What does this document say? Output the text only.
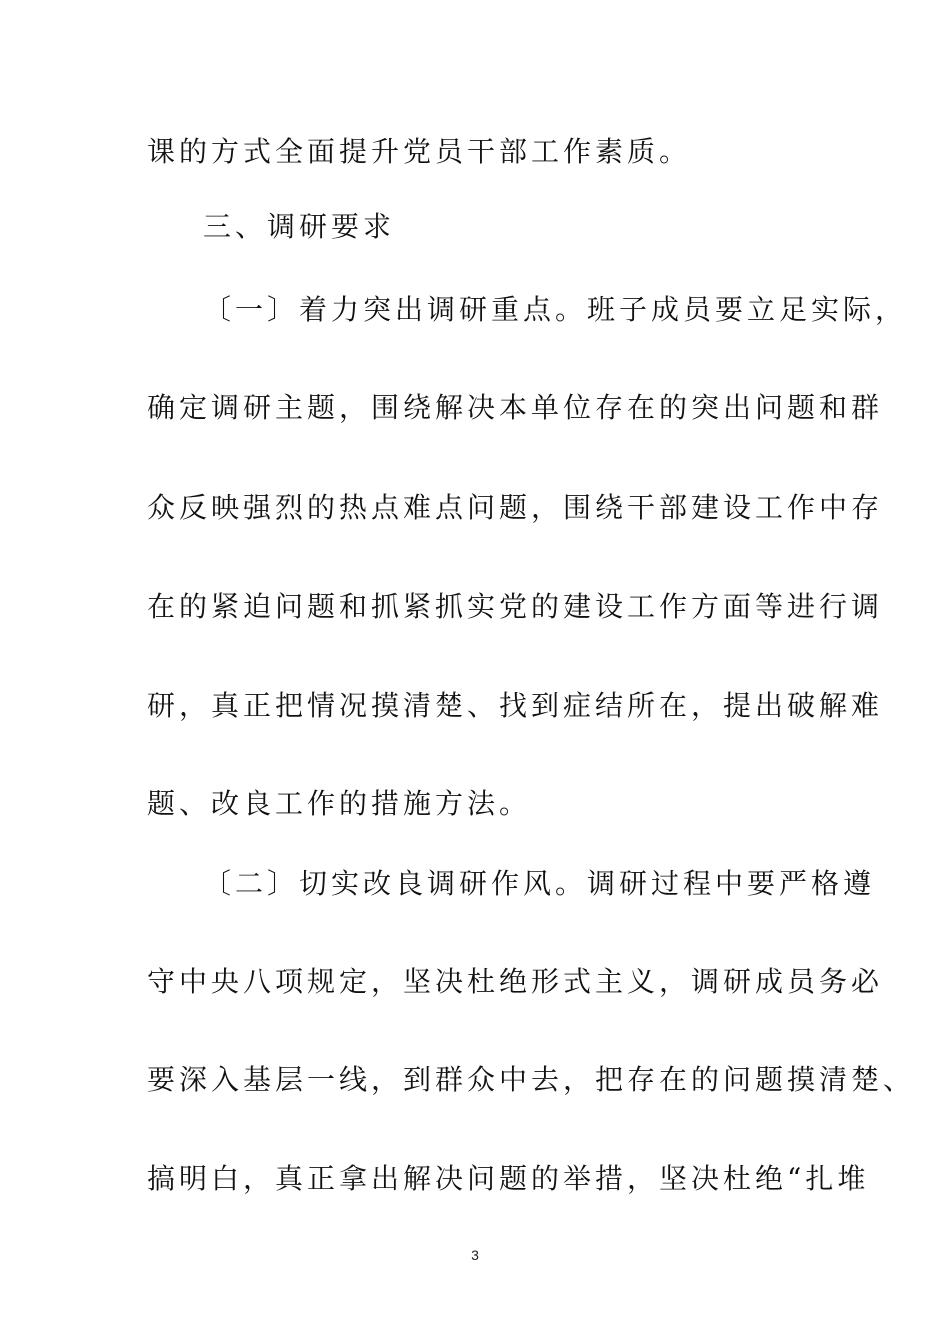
课的方式全面提升党员干部工作素质。
三、调研要求
〔一〕着力突出调研重点。班子成员要立足实际，
确定调研主题，围绕解决本单位存在的突出问题和群
众反映强烈的热点难点问题，围绕干部建设工作中存
在的紧迫问题和抓紧抓实党的建设工作方面等进行调
研，真正把情况摸清楚、找到症结所在，提出破解难
题、改良工作的措施方法。
〔二〕切实改良调研作风。调研过程中要严格遵
守中央八项规定，坚决杜绝形式主义，调研成员务必
要深入基层一线，到群众中去，把存在的问题摸清楚、
搞明白，真正拿出解决问题的举措，坚决杜绝“扎堆
3
